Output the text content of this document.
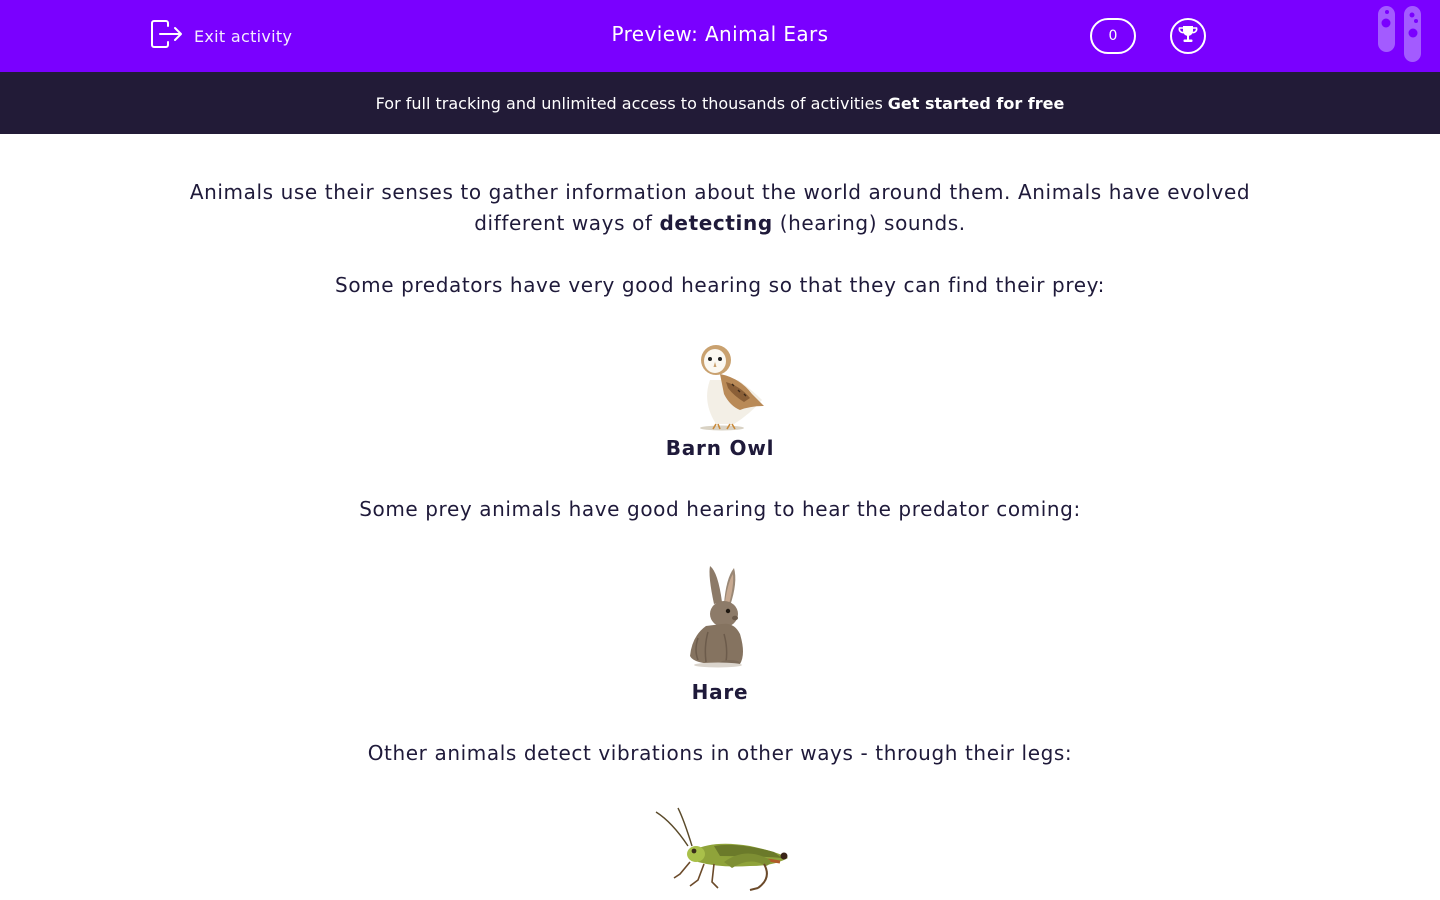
Exit activity	Preview: Animal Ears	0
For full tracking and unlimited access to thousands of activities Get started for free

Animals use their senses to gather information about the world around them. Animals have evolved different ways of detecting (hearing) sounds.

Some predators have very good hearing so that they can find their prey:

Barn Owl

Some prey animals have good hearing to hear the predator coming:

Hare

Other animals detect vibrations in other ways - through their legs:
